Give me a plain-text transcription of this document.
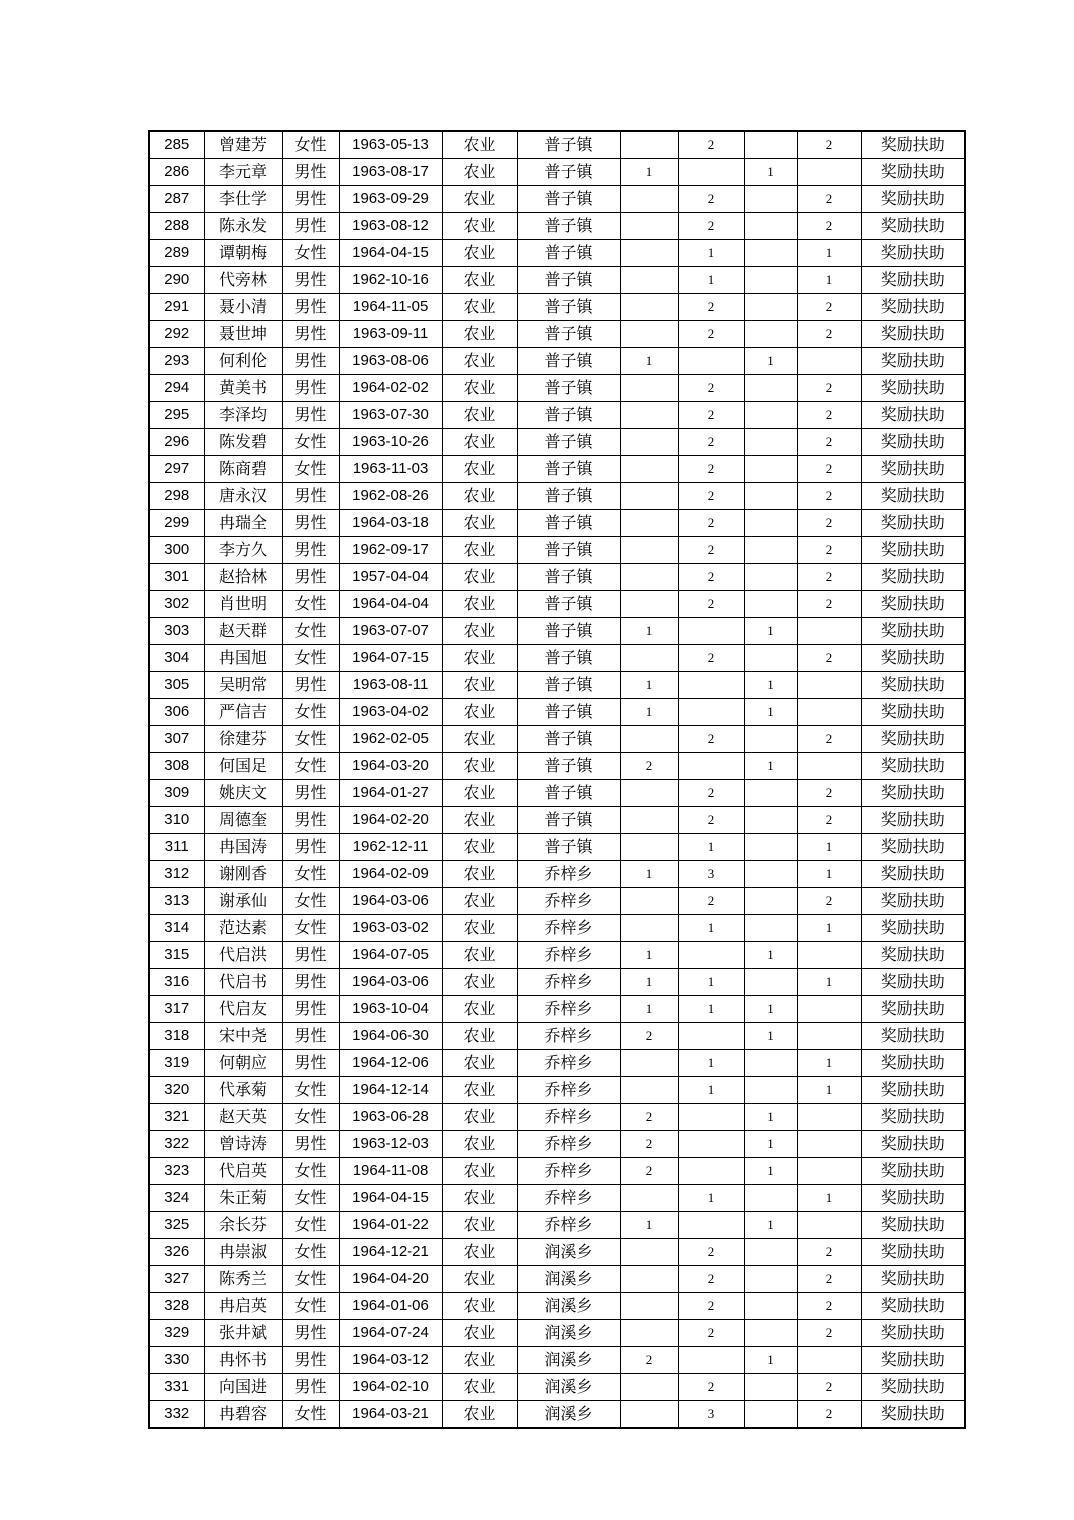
285	曾建芳	女性	1963-05-13	农业	普子镇		2		2	奖励扶助
286	李元章	男性	1963-08-17	农业	普子镇	1		1		奖励扶助
287	李仕学	男性	1963-09-29	农业	普子镇		2		2	奖励扶助
288	陈永发	男性	1963-08-12	农业	普子镇		2		2	奖励扶助
289	谭朝梅	女性	1964-04-15	农业	普子镇		1		1	奖励扶助
290	代旁林	男性	1962-10-16	农业	普子镇		1		1	奖励扶助
291	聂小清	男性	1964-11-05	农业	普子镇		2		2	奖励扶助
292	聂世坤	男性	1963-09-11	农业	普子镇		2		2	奖励扶助
293	何利伦	男性	1963-08-06	农业	普子镇	1		1		奖励扶助
294	黄美书	男性	1964-02-02	农业	普子镇		2		2	奖励扶助
295	李泽均	男性	1963-07-30	农业	普子镇		2		2	奖励扶助
296	陈发碧	女性	1963-10-26	农业	普子镇		2		2	奖励扶助
297	陈商碧	女性	1963-11-03	农业	普子镇		2		2	奖励扶助
298	唐永汉	男性	1962-08-26	农业	普子镇		2		2	奖励扶助
299	冉瑞全	男性	1964-03-18	农业	普子镇		2		2	奖励扶助
300	李方久	男性	1962-09-17	农业	普子镇		2		2	奖励扶助
301	赵拾林	男性	1957-04-04	农业	普子镇		2		2	奖励扶助
302	肖世明	女性	1964-04-04	农业	普子镇		2		2	奖励扶助
303	赵天群	女性	1963-07-07	农业	普子镇	1		1		奖励扶助
304	冉国旭	女性	1964-07-15	农业	普子镇		2		2	奖励扶助
305	吴明常	男性	1963-08-11	农业	普子镇	1		1		奖励扶助
306	严信吉	女性	1963-04-02	农业	普子镇	1		1		奖励扶助
307	徐建芬	女性	1962-02-05	农业	普子镇		2		2	奖励扶助
308	何国足	女性	1964-03-20	农业	普子镇	2		1		奖励扶助
309	姚庆文	男性	1964-01-27	农业	普子镇		2		2	奖励扶助
310	周德奎	男性	1964-02-20	农业	普子镇		2		2	奖励扶助
311	冉国涛	男性	1962-12-11	农业	普子镇		1		1	奖励扶助
312	谢刚香	女性	1964-02-09	农业	乔梓乡	1	3		1	奖励扶助
313	谢承仙	女性	1964-03-06	农业	乔梓乡		2		2	奖励扶助
314	范达素	女性	1963-03-02	农业	乔梓乡		1		1	奖励扶助
315	代启洪	男性	1964-07-05	农业	乔梓乡	1		1		奖励扶助
316	代启书	男性	1964-03-06	农业	乔梓乡	1	1		1	奖励扶助
317	代启友	男性	1963-10-04	农业	乔梓乡	1	1	1		奖励扶助
318	宋中尧	男性	1964-06-30	农业	乔梓乡	2		1		奖励扶助
319	何朝应	男性	1964-12-06	农业	乔梓乡		1		1	奖励扶助
320	代承菊	女性	1964-12-14	农业	乔梓乡		1		1	奖励扶助
321	赵天英	女性	1963-06-28	农业	乔梓乡	2		1		奖励扶助
322	曾诗涛	男性	1963-12-03	农业	乔梓乡	2		1		奖励扶助
323	代启英	女性	1964-11-08	农业	乔梓乡	2		1		奖励扶助
324	朱正菊	女性	1964-04-15	农业	乔梓乡		1		1	奖励扶助
325	余长芬	女性	1964-01-22	农业	乔梓乡	1		1		奖励扶助
326	冉崇淑	女性	1964-12-21	农业	润溪乡		2		2	奖励扶助
327	陈秀兰	女性	1964-04-20	农业	润溪乡		2		2	奖励扶助
328	冉启英	女性	1964-01-06	农业	润溪乡		2		2	奖励扶助
329	张井斌	男性	1964-07-24	农业	润溪乡		2		2	奖励扶助
330	冉怀书	男性	1964-03-12	农业	润溪乡	2		1		奖励扶助
331	向国进	男性	1964-02-10	农业	润溪乡		2		2	奖励扶助
332	冉碧容	女性	1964-03-21	农业	润溪乡		3		2	奖励扶助
